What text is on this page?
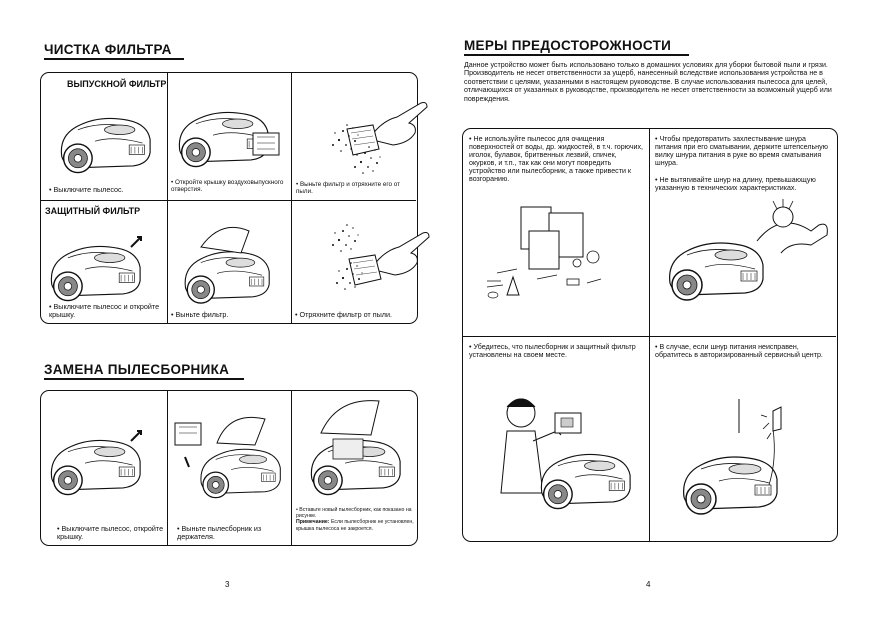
ЧИСТКА ФИЛЬТРА
ВЫПУСКНОЙ ФИЛЬТР
ЗАЩИТНЫЙ ФИЛЬТР
• Выключите пылесос.
• Откройте крышку воздуховыпускного отверстия.
• Выньте фильтр и отряхните его от пыли.
• Выключите пылесос и откройте крышку.	• Выньте фильтр.	• Отряхните фильтр от пыли.
ЗАМЕНА ПЫЛЕСБОРНИКА
• Выключите пылесос, откройте крышку.
• Выньте пылесборник из держателя.
• Вставьте новый пылесборник, как показано на рисунке.
Примечание: Если пылесборник не установлен, крышка пылесоса не закроется.
3
МЕРЫ ПРЕДОСТОРОЖНОСТИ
Данное устройство может быть использовано только в домашних условиях для уборки бытовой пыли и грязи. Производитель не несет ответственности за ущерб, нанесенный вследствие использования устройства не в соответствии с целями, указанными в настоящем руководстве. В случае использования пылесоса для целей, отличающихся от указанных в руководстве, производитель не несет ответственности за возможный ущерб или повреждения.
• Не используйте пылесос для очищения поверхностей от воды, др. жидкостей, в т.ч. горючих, иголок, булавок, бритвенных лезвий, спичек, окурков, и т.п., так как они могут повредить устройство или пылесборник, а также привести к возгоранию.
• Чтобы предотвратить захлестывание шнура питания при его сматывании, держите штепсельную вилку шнура питания в руке во время сматывания шнура.
• Не вытягивайте шнур на длину, превышающую указанную в технических характеристиках.
• Убедитесь, что пылесборник и защитный фильтр установлены на своем месте.
• В случае, если шнур питания неисправен, обратитесь в авторизированный сервисный центр.
4
